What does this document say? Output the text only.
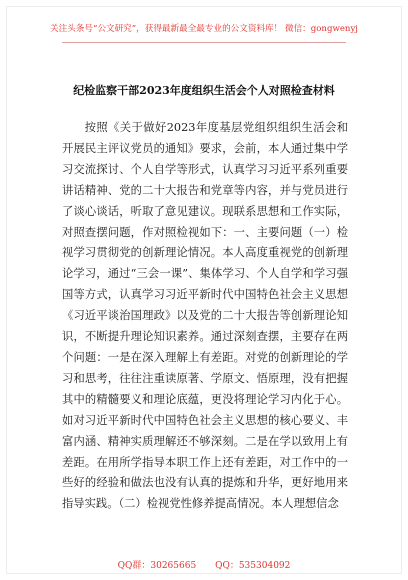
关注头条号“公文研究”，获得最新最全最专业的公文资料库！ 微信：gongwenyj
纪检监察干部2023年度组织生活会个人对照检查材料
按照《关于做好2023年度基层党组织组织生活会和开展民主评议党员的通知》要求，会前，本人通过集中学习交流探讨、个人自学等形式，认真学习习近平系列重要讲话精神、党的二十大报告和党章等内容，并与党员进行了谈心谈话，听取了意见建议。现联系思想和工作实际，对照查摆问题，作对照检视如下：一、主要问题（一）检视学习贯彻党的创新理论情况。本人高度重视党的创新理论学习，通过“三会一课”、集体学习、个人自学和学习强国等方式，认真学习习近平新时代中国特色社会主义思想《习近平谈治国理政》以及党的二十大报告等创新理论知识，不断提升理论知识素养。通过深刻查摆，主要存在两个问题：一是在深入理解上有差距。对党的创新理论的学习和思考，往往注重读原著、学原文、悟原理，没有把握其中的精髓要义和理论底蕴，更没将理论学习内化于心。如对习近平新时代中国特色社会主义思想的核心要义、丰富内涵、精神实质理解还不够深刻。二是在学以致用上有差距。在用所学指导本职工作上还有差距，对工作中的一些好的经验和做法也没有认真的提炼和升华，更好地用来指导实践。（二）检视党性修养提高情况。本人理想信念
QQ群：30265665 QQ：535304092
